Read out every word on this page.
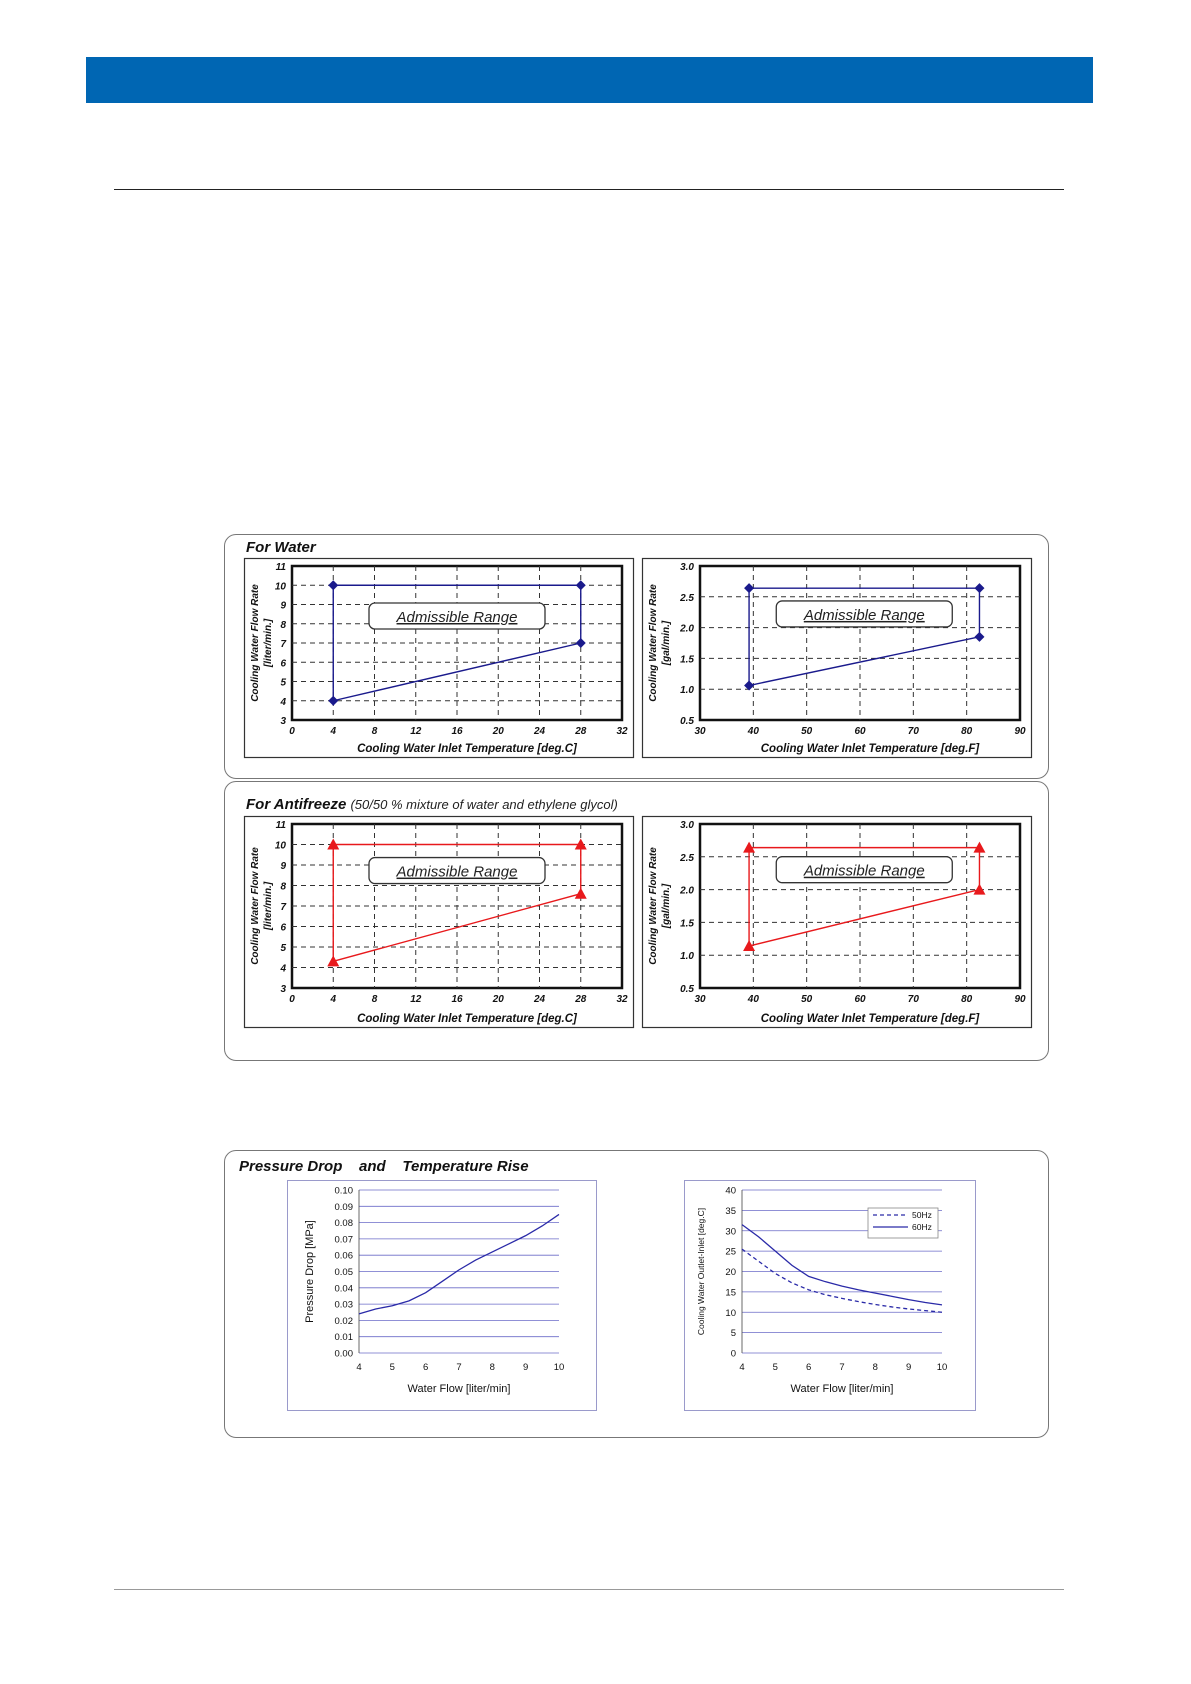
For Water
0	4	8	12	16	20	24	28	32
3
4
5
6
7
8
9
10
11
Cooling Water Inlet Temperature [deg.C]
Cooling Water Flow Rate [liter/min.]
Admissible Range
30	40	50	60	70	80	90
0.5
1.0
1.5
2.0
2.5
3.0
Cooling Water Inlet Temperature [deg.F]
Cooling Water Flow Rate [gal/min.]
Admissible Range
For Antifreeze (50/50 % mixture of water and ethylene glycol)
0	4	8	12	16	20	24	28	32
3
4
5
6
7
8
9
10
11
Cooling Water Inlet Temperature [deg.C]
Cooling Water Flow Rate [liter/min.]
Admissible Range
30	40	50	60	70	80	90
0.5
1.0
1.5
2.0
2.5
3.0
Cooling Water Inlet Temperature [deg.F]
Cooling Water Flow Rate [gal/min.]
Admissible Range
Pressure Drop    and    Temperature Rise
0.00
0.01
0.02
0.03
0.04
0.05
0.06
0.07
0.08
0.09
0.10
4	5	6	7	8	9	10
Water Flow [liter/min]
Pressure Drop [MPa]
0
5
10
15
20
25
30
35
40
4	5	6	7	8	9	10
Water Flow [liter/min]
Cooling Water Outlet-Inlet [deg.C]	50Hz
60Hz
